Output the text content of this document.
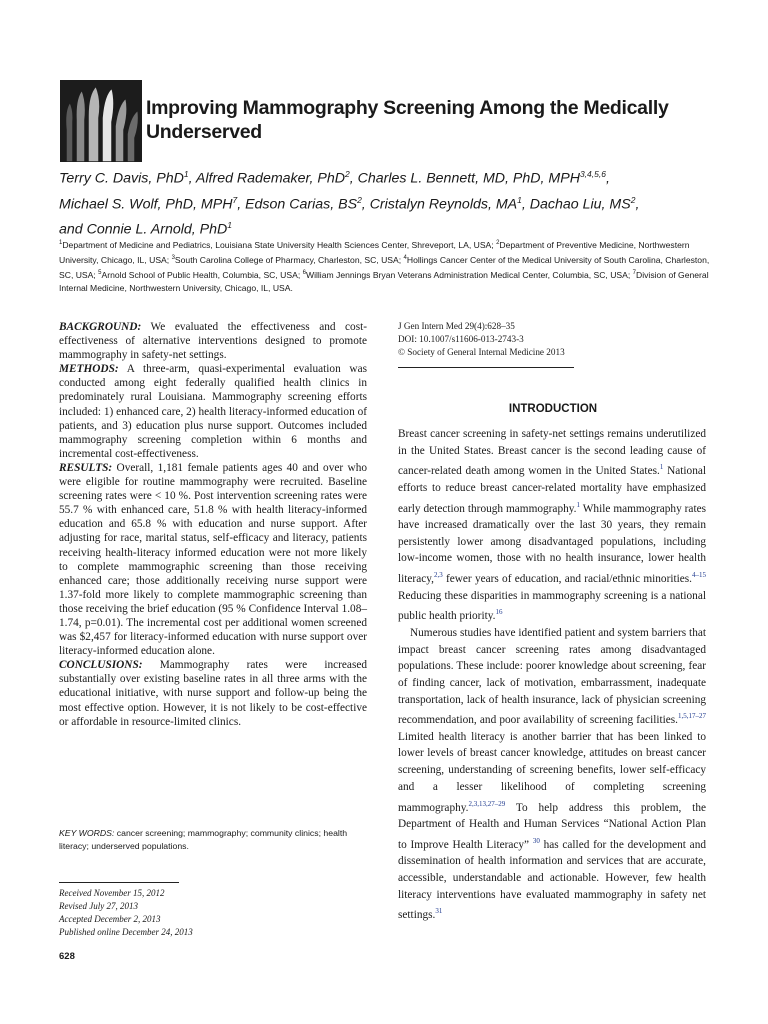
Improving Mammography Screening Among the Medically Underserved
Terry C. Davis, PhD$^1$, Alfred Rademaker, PhD$^2$, Charles L. Bennett, MD, PhD, MPH$^{3,4,5,6}$,
Michael S. Wolf, PhD, MPH$^7$, Edson Carias, $BS^2$, Cristalyn Reynolds, $MA^1$, Dachao Liu, $MS^2$,
and Connie L. Arnold, PhD$^1$
$^1$Department of Medicine and Pediatrics, Louisiana State University Health Sciences Center, Shreveport, LA, USA; $^2$Department of Preventive Medicine, Northwestern University, Chicago, IL, USA; $^3$South Carolina College of Pharmacy, Charleston, SC, USA; $^4$Hollings Cancer Center of the Medical University of South Carolina, Charleston, SC, USA; $^5$Arnold School of Public Health, Columbia, SC, USA; $^6$William Jennings Bryan Veterans Administration Medical Center, Columbia, SC, USA; $^7$Division of General Internal Medicine, Northwestern University, Chicago, IL, USA.

BACKGROUND: We evaluated the effectiveness and cost-effectiveness of alternative interventions designed to promote mammography in safety-net settings.

METHODS: A three-arm, quasi-experimental evaluation was conducted among eight federally qualified health clinics in predominately rural Louisiana. Mammography screening efforts included: 1) enhanced care, 2) health literacy-informed education of patients, and 3) education plus nurse support. Outcomes included mammography screening completion within 6 months and incremental cost-effectiveness.

RESULTS: Overall, 1,181 female patients ages 40 and over who were eligible for routine mammography were recruited. Baseline screening rates were < 10 %. Post intervention screening rates were 55.7 % with enhanced care, 51.8 % with health literacy-informed education and 65.8 % with education and nurse support. After adjusting for race, marital status, self-efficacy and literacy, patients receiving health-literacy informed education were not more likely to complete mammographic screening than those receiving enhanced care; those additionally receiving nurse support were 1.37-fold more likely to complete mammographic screening than those receiving the brief education (95 % Confidence Interval 1.08–1.74, p=0.01). The incremental cost per additional women screened was $2,457 for literacy-informed education with nurse support over literacy-informed education alone.

CONCLUSIONS: Mammography rates were increased substantially over existing baseline rates in all three arms with the educational initiative, with nurse support and follow-up being the most effective option. However, it is not likely to be cost-effective or affordable in resource-limited clinics.

KEY WORDS: cancer screening; mammography; community clinics; health literacy; underserved populations.
Received November 15, 2012
Revised July 27, 2013
Accepted December 2, 2013
Published online December 24, 2013
628
J Gen Intern Med 29(4):628–35
DOI: 10.1007/s11606-013-2743-3
© Society of General Internal Medicine 2013
INTRODUCTION

Breast cancer screening in safety-net settings remains underutilized in the United States. Breast cancer is the second leading cause of cancer-related death among women in the United States.$^1$ National efforts to reduce breast cancer-related mortality have emphasized early detection through mammography.$^1$ While mammography rates have increased dramatically over the last 30 years, they remain persistently lower among disadvantaged populations, including low-income women, those with no health insurance, lower health literacy,$^{2,3}$ fewer years of education, and racial/ethnic minorities.$^{4-15}$ Reducing these disparities in mammography screening is a national public health priority.$^{16}$

Numerous studies have identified patient and system barriers that impact breast cancer screening rates among disadvantaged populations. These include: poorer knowledge about screening, fear of finding cancer, lack of motivation, embarrassment, inadequate transportation, lack of health insurance, lack of physician screening recommendation, and poor availability of screening facilities.$^{1,5,17-27}$ Limited health literacy is another barrier that has been linked to lower levels of breast cancer knowledge, attitudes on breast cancer screening, understanding of screening benefits, lower self-efficacy and a lesser likelihood of completing screening mammography.$^{2,3,13,27-29}$ To help address this problem, the Department of Health and Human Services “National Action Plan to Improve Health Literacy” $^{30}$ has called for the development and dissemination of health information and services that are accurate, accessible, understandable and actionable. However, few health literacy interventions have evaluated mammography in safety net settings.$^{31}$
